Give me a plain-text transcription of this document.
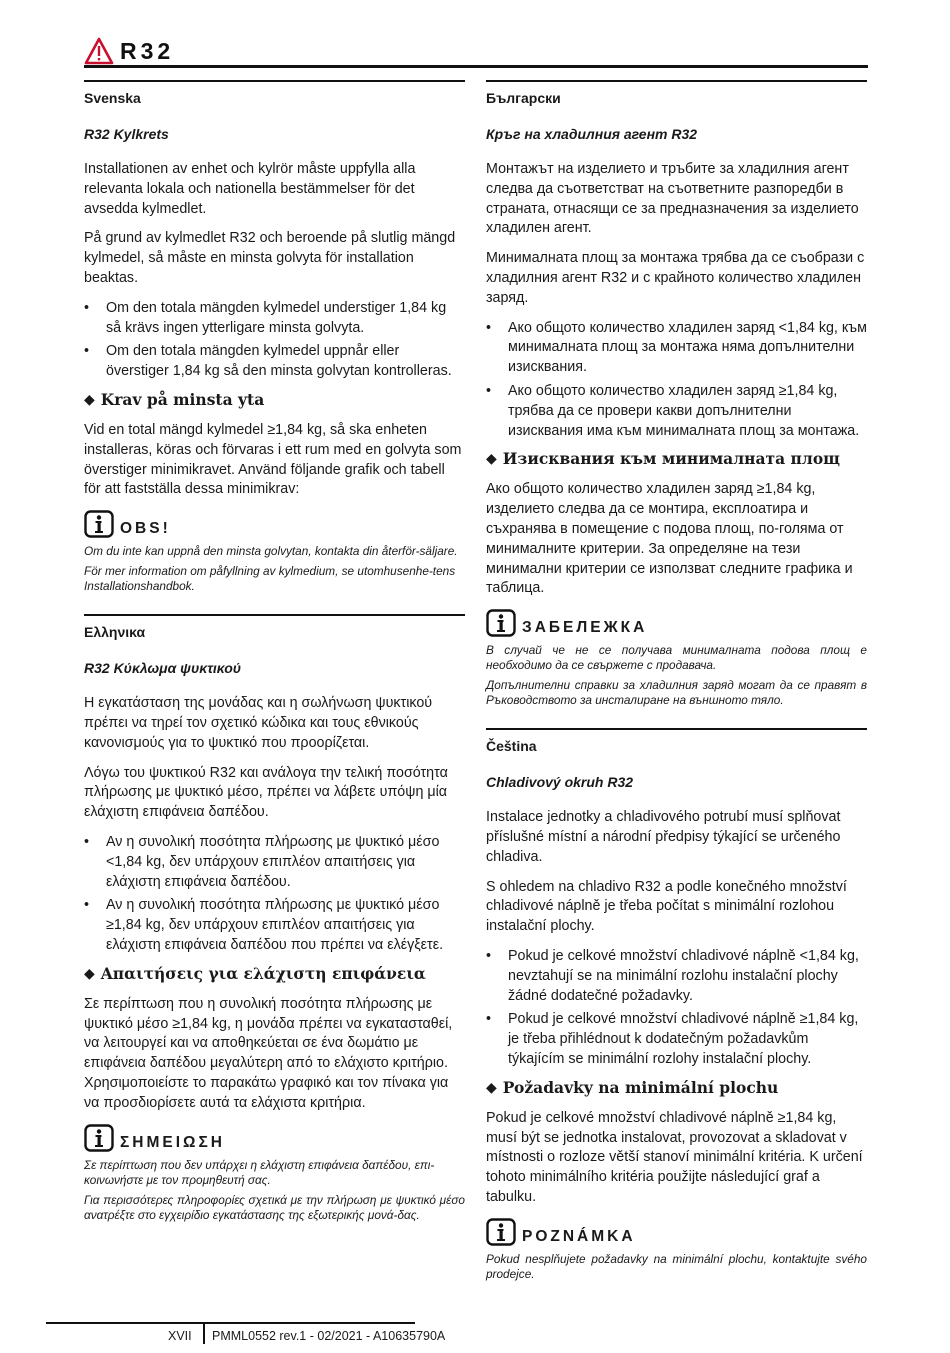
R32
Svenska
R32 Kylkrets

Installationen av enhet och kylrör måste uppfylla alla relevanta lokala och nationella bestämmelser för det avsedda kylmedlet.

På grund av kylmedlet R32 och beroende på slutlig mängd kylmedel, så måste en minsta golvyta för installation beaktas.

• Om den totala mängden kylmedel understiger 1,84 kg så krävs ingen ytterligare minsta golvyta.
• Om den totala mängden kylmedel uppnår eller överstiger 1,84 kg så den minsta golvytan kontrolleras.
◆ Krav på minsta yta

Vid en total mängd kylmedel ≥1,84 kg, så ska enheten installeras, köras och förvaras i ett rum med en golvyta som överstiger minimikravet. Använd följande grafik och tabell för att fastställa dessa minimikrav:

OBS!

Om du inte kan uppnå den minsta golvytan, kontakta din återför-säljare.

För mer information om påfyllning av kylmedium, se utomhusenhe-tens Installationshandbok.

Ελληνικα
R32 Κύκλωμα ψυκτικού

Η εγκατάσταση της μονάδας και η σωλήνωση ψυκτικού πρέπει να τηρεί τον σχετικό κώδικα και τους εθνικούς κανονισμούς για το ψυκτικό που προορίζεται.

Λόγω του ψυκτικού R32 και ανάλογα την τελική ποσότητα πλήρωσης με ψυκτικό μέσο, πρέπει να λάβετε υπόψη μία ελάχιστη επιφάνεια δαπέδου.

• Αν η συνολική ποσότητα πλήρωσης με ψυκτικό μέσο <1,84 kg, δεν υπάρχουν επιπλέον απαιτήσεις για ελάχιστη επιφάνεια δαπέδου.
• Αν η συνολική ποσότητα πλήρωσης με ψυκτικό μέσο ≥1,84 kg, δεν υπάρχουν επιπλέον απαιτήσεις για ελάχιστη επιφάνεια δαπέδου που πρέπει να ελέγξετε.
◆ Απαιτήσεις για ελάχιστη επιφάνεια

Σε περίπτωση που η συνολική ποσότητα πλήρωσης με ψυκτικό μέσο ≥1,84 kg, η μονάδα πρέπει να εγκατασταθεί, να λειτουργεί και να αποθηκεύεται σε ένα δωμάτιο με επιφάνεια δαπέδου μεγαλύτερη από το ελάχιστο κριτήριο. Χρησιμοποιείστε το παρακάτω γραφικό και τον πίνακα για να προσδιορίσετε αυτά τα ελάχιστα κριτήρια.

ΣΗΜΕΙΩΣΗ

Σε περίπτωση που δεν υπάρχει η ελάχιστη επιφάνεια δαπέδου, επι-κοινωνήστε με τον προμηθευτή σας.

Για περισσότερες πληροφορίες σχετικά με την πλήρωση με ψυκτικό μέσο ανατρέξτε στο εγχειρίδιο εγκατάστασης της εξωτερικής μονά-δας.

Български
Кръг на хладилния агент R32

Монтажът на изделието и тръбите за хладилния агент следва да съответстват на съответните разпоредби в страната, отнасящи се за предназначения за изделието хладилен агент.

Минималната площ за монтажа трябва да се съобрази с хладилния агент R32 и с крайното количество хладилен заряд.

• Ако общото количество хладилен заряд <1,84 kg, към минималната площ за монтажа няма допълнителни изисквания.
• Ако общото количество хладилен заряд ≥1,84 kg, трябва да се провери какви допълнителни изисквания има към минималната площ за монтажа.
◆ Изисквания към минималната площ

Ако общото количество хладилен заряд ≥1,84 kg, изделието следва да се монтира, експлоатира и съхранява в помещение с подова площ, по-голяма от минималните критерии. За определяне на тези минимални критерии се използват следните графика и таблица.

ЗАБЕЛЕЖКА

В случай че не се получава минималната подова площ е необходимо да се свържете с продавача.

Допълнителни справки за хладилния заряд могат да се правят в Ръководството за инсталиране на външното тяло.

Čeština
Chladivový okruh R32

Instalace jednotky a chladivového potrubí musí splňovat příslušné místní a národní předpisy týkající se určeného chladiva.

S ohledem na chladivo R32 a podle konečného množství chladivové náplně je třeba počítat s minimální rozlohou instalační plochy.

• Pokud je celkové množství chladivové náplně <1,84 kg, nevztahují se na minimální rozlohu instalační plochy žádné dodatečné požadavky.
• Pokud je celkové množství chladivové náplně ≥1,84 kg, je třeba přihlédnout k dodatečným požadavkům týkajícím se minimální rozlohy instalační plochy.
◆ Požadavky na minimální plochu

Pokud je celkové množství chladivové náplně ≥1,84 kg, musí být se jednotka instalovat, provozovat a skladovat v místnosti o rozloze větší stanoví minimální kritéria. K určení tohoto minimálního kritéria použijte následující graf a tabulku.

POZNÁMKA

Pokud nesplňujete požadavky na minimální plochu, kontaktujte svého prodejce.

XVII PMML0552 rev.1 - 02/2021 - A10635790A
